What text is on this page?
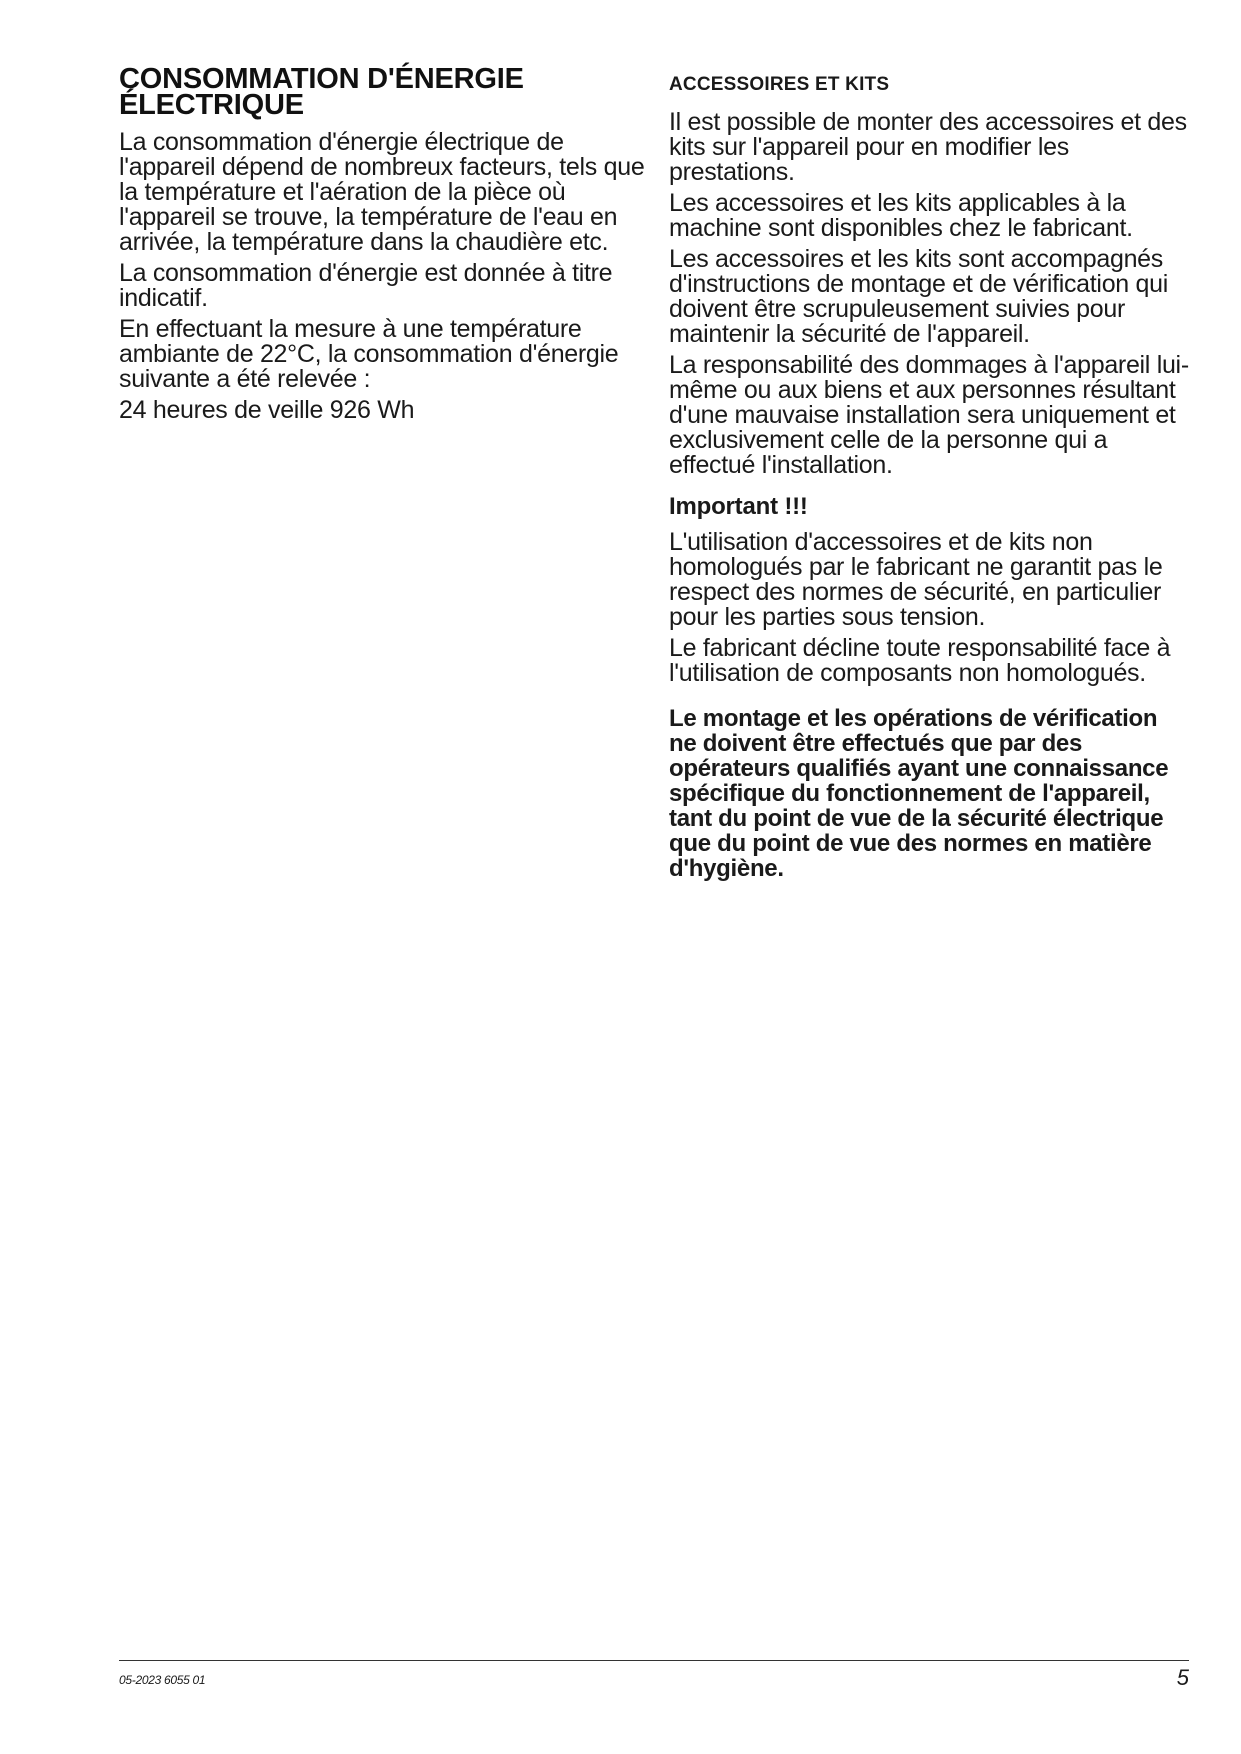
CONSOMMATION D'ÉNERGIE ÉLECTRIQUE

La consommation d'énergie électrique de l'appareil dépend de nombreux facteurs, tels que la température et l'aération de la pièce où l'appareil se trouve, la température de l'eau en arrivée, la température dans la chaudière etc.

La consommation d'énergie est donnée à titre indicatif.

En effectuant la mesure à une température ambiante de 22°C, la consommation d'énergie suivante a été relevée :

24 heures de veille 926 Wh

ACCESSOIRES ET KITS

Il est possible de monter des accessoires et des kits sur l'appareil pour en modifier les prestations.

Les accessoires et les kits applicables à la machine sont disponibles chez le fabricant.

Les accessoires et les kits sont accompagnés d'instructions de montage et de vérification qui doivent être scrupuleusement suivies pour maintenir la sécurité de l'appareil.

La responsabilité des dommages à l'appareil lui-même ou aux biens et aux personnes résultant d'une mauvaise installation sera uniquement et exclusivement celle de la personne qui a effectué l'installation.

Important !!!

L'utilisation d'accessoires et de kits non homologués par le fabricant ne garantit pas le respect des normes de sécurité, en particulier pour les parties sous tension.

Le fabricant décline toute responsabilité face à l'utilisation de composants non homologués.

Le montage et les opérations de vérification ne doivent être effectués que par des opérateurs qualifiés ayant une connaissance spécifique du fonctionnement de l'appareil, tant du point de vue de la sécurité électrique que du point de vue des normes en matière d'hygiène.

05-2023 6055 01	5
